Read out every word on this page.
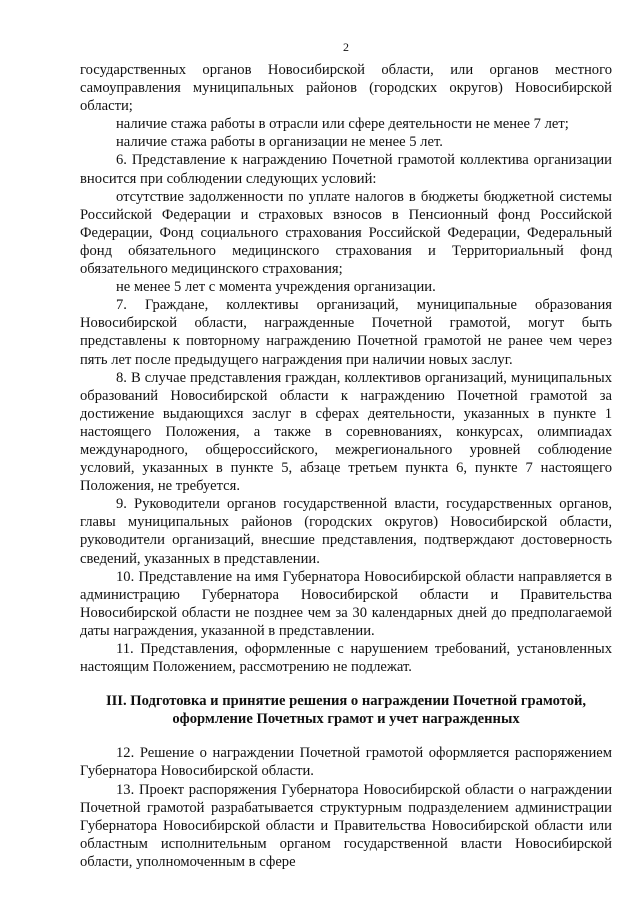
2

государственных органов Новосибирской области, или органов местного самоуправления муниципальных районов (городских округов) Новосибирской области;

наличие стажа работы в отрасли или сфере деятельности не менее 7 лет;

наличие стажа работы в организации не менее 5 лет.

6. Представление к награждению Почетной грамотой коллектива организации вносится при соблюдении следующих условий:

отсутствие задолженности по уплате налогов в бюджеты бюджетной системы Российской Федерации и страховых взносов в Пенсионный фонд Российской Федерации, Фонд социального страхования Российской Федерации, Федеральный фонд обязательного медицинского страхования и Территориальный фонд обязательного медицинского страхования;

не менее 5 лет с момента учреждения организации.

7. Граждане, коллективы организаций, муниципальные образования Новосибирской области, награжденные Почетной грамотой, могут быть представлены к повторному награждению Почетной грамотой не ранее чем через пять лет после предыдущего награждения при наличии новых заслуг.

8. В случае представления граждан, коллективов организаций, муниципальных образований Новосибирской области к награждению Почетной грамотой за достижение выдающихся заслуг в сферах деятельности, указанных в пункте 1 настоящего Положения, а также в соревнованиях, конкурсах, олимпиадах международного, общероссийского, межрегионального уровней соблюдение условий, указанных в пункте 5, абзаце третьем пункта 6, пункте 7 настоящего Положения, не требуется.

9. Руководители органов государственной власти, государственных органов, главы муниципальных районов (городских округов) Новосибирской области, руководители организаций, внесшие представления, подтверждают достоверность сведений, указанных в представлении.

10. Представление на имя Губернатора Новосибирской области направляется в администрацию Губернатора Новосибирской области и Правительства Новосибирской области не позднее чем за 30 календарных дней до предполагаемой даты награждения, указанной в представлении.

11. Представления, оформленные с нарушением требований, установленных настоящим Положением, рассмотрению не подлежат.

III. Подготовка и принятие решения о награждении Почетной грамотой,
оформление Почетных грамот и учет награжденных

12. Решение о награждении Почетной грамотой оформляется распоряжением Губернатора Новосибирской области.

13. Проект распоряжения Губернатора Новосибирской области о награждении Почетной грамотой разрабатывается структурным подразделением администрации Губернатора Новосибирской области и Правительства Новосибирской области или областным исполнительным органом государственной власти Новосибирской области, уполномоченным в сфере
